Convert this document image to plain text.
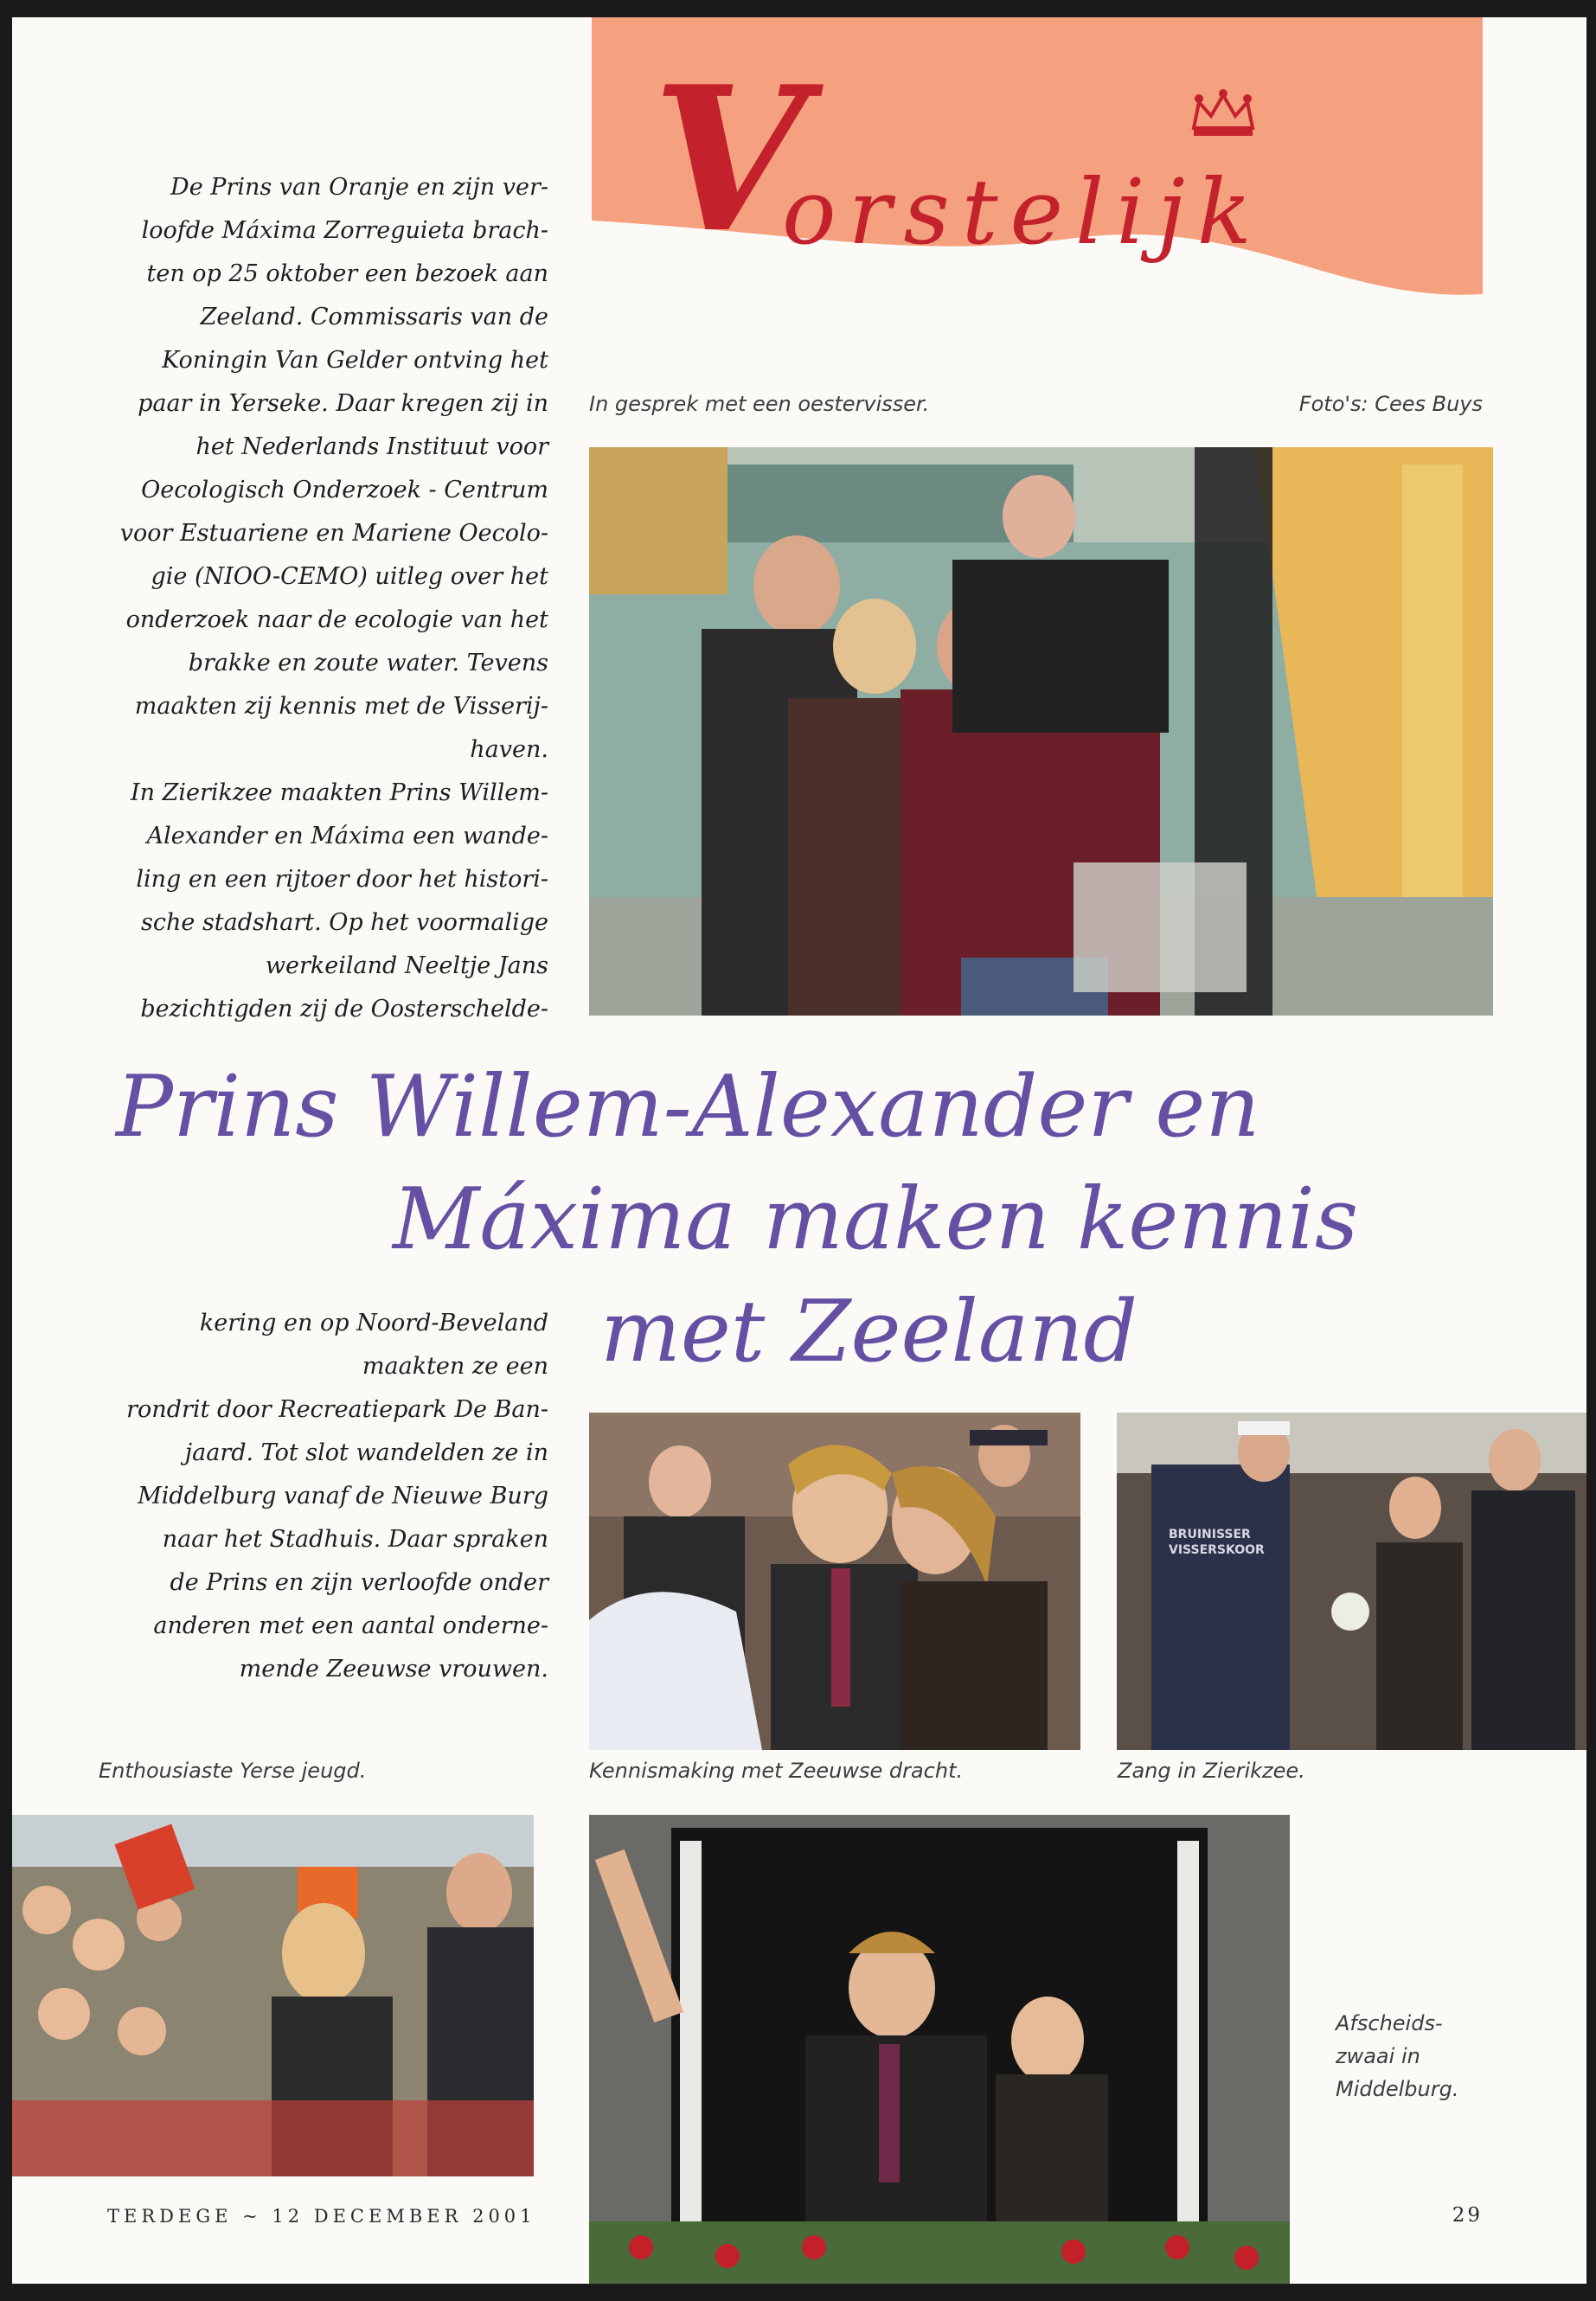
V
orstelijk
De Prins van Oranje en zijn ver-
loofde Máxima Zorreguieta brach-
ten op 25 oktober een bezoek aan
Zeeland. Commissaris van de
Koningin Van Gelder ontving het
paar in Yerseke. Daar kregen zij in
het Nederlands Instituut voor
Oecologisch Onderzoek - Centrum
voor Estuariene en Mariene Oecolo-
gie (NIOO-CEMO) uitleg over het
onderzoek naar de ecologie van het
brakke en zoute water. Tevens
maakten zij kennis met de Visserij-
haven.
In Zierikzee maakten Prins Willem-
Alexander en Máxima een wande-
ling en een rijtoer door het histori-
sche stadshart. Op het voormalige
werkeiland Neeltje Jans
bezichtigden zij de Oosterschelde-
In gesprek met een oestervisser.	Foto's: Cees Buys
Prins Willem-Alexander en
Máxima maken kennis
met Zeeland
kering en op Noord-Beveland
maakten ze een
rondrit door Recreatiepark De Ban-
jaard. Tot slot wandelden ze in
Middelburg vanaf de Nieuwe Burg
naar het Stadhuis. Daar spraken
de Prins en zijn verloofde onder
anderen met een aantal onderne-
mende Zeeuwse vrouwen.
Kennismaking met Zeeuwse dracht.
BRUINISSER VISSERSKOOR
Zang in Zierikzee.
Enthousiaste Yerse jeugd.
Afscheids-
zwaai in
Middelburg.
TERDEGE ~ 12 DECEMBER 2001	29
